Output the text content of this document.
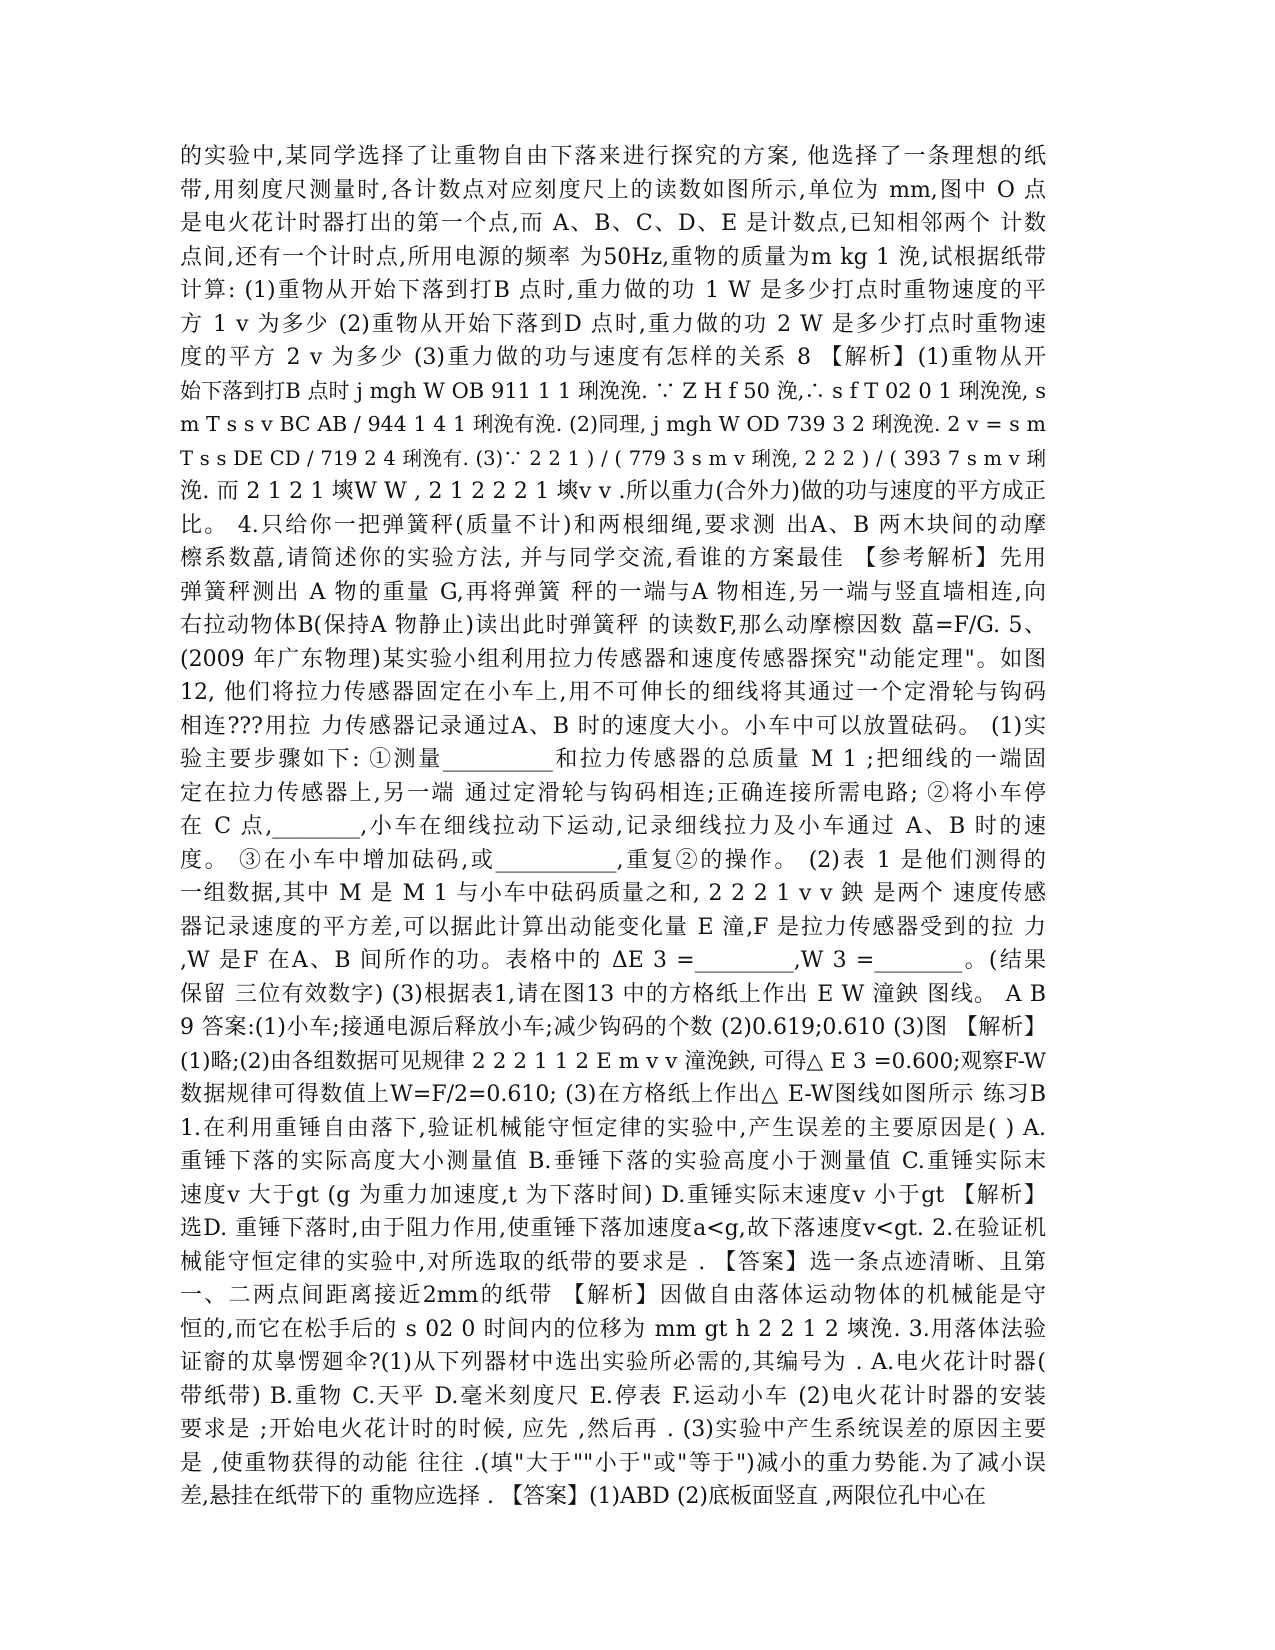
的实验中,某同学选择了让重物自由下落来进行探究的方案, 他选择了一条理想的纸
带,用刻度尺测量时,各计数点对应刻度尺上的读数如图所示,单位为 mm,图中 O 点
是电火花计时器打出的第一个点,而 A、B、C、D、E 是计数点,已知相邻两个 计数
点间,还有一个计时点,所用电源的频率 为50Hz,重物的质量为m kg 1 浼,试根据纸带
计算: (1)重物从开始下落到打B 点时,重力做的功 1 W 是多少打点时重物速度的平
方 1 v 为多少 (2)重物从开始下落到D 点时,重力做的功 2 W 是多少打点时重物速
度的平方 2 v 为多少 (3)重力做的功与速度有怎样的关系 8 【解析】(1)重物从开
始下落到打B 点时 j mgh W OB 911 1 1 琍浼浼. ∵ Z H f 50 浼,∴ s f T 02 0 1 琍浼浼, s
m T s s v BC AB / 944 1 4 1 琍浼有浼. (2)同理, j mgh W OD 739 3 2 琍浼浼. 2 v = s m
T s s DE CD / 719 2 4 琍浼有. (3)∵ 2 2 1 ) / ( 779 3 s m v 琍浼, 2 2 2 ) / ( 393 7 s m v 琍
浼. 而 2 1 2 1 塽W W , 2 1 2 2 2 1 塽v v .所以重力(合外力)做的功与速度的平方成正
比。 4.只给你一把弹簧秤(质量不计)和两根细绳,要求测 出A、B 两木块间的动摩
檫系数藠,请简述你的实验方法, 并与同学交流,看谁的方案最佳 【参考解析】先用
弹簧秤测出 A 物的重量 G,再将弹簧 秤的一端与A 物相连,另一端与竖直墙相连,向
右拉动物体B(保持A 物静止)读出此时弹簧秤 的读数F,那么动摩檫因数 藠=F/G. 5、
(2009 年广东物理)某实验小组利用拉力传感器和速度传感器探究"动能定理"。如图
12, 他们将拉力传感器固定在小车上,用不可伸长的细线将其通过一个定滑轮与钩码
相连???用拉 力传感器记录通过A、B 时的速度大小。小车中可以放置砝码。 (1)实
验主要步骤如下: ①测量__________和拉力传感器的总质量 M 1 ;把细线的一端固
定在拉力传感器上,另一端 通过定滑轮与钩码相连;正确连接所需电路; ②将小车停
在 C 点,________,小车在细线拉动下运动,记录细线拉力及小车通过 A、B 时的速
度。 ③在小车中增加砝码,或___________,重复②的操作。 (2)表 1 是他们测得的
一组数据,其中 M 是 M 1 与小车中砝码质量之和, 2 2 2 1 v v 鉠 是两个 速度传感
器记录速度的平方差,可以据此计算出动能变化量 E 潼,F 是拉力传感器受到的拉 力
,W 是F 在A、B 间所作的功。表格中的 ΔE 3 =_________,W 3 =________。(结果
保留 三位有效数字) (3)根据表1,请在图13 中的方格纸上作出 E W 潼鉠 图线。 A B
9 答案:(1)小车;接通电源后释放小车;减少钩码的个数 (2)0.619;0.610 (3)图 【解析】
(1)略;(2)由各组数据可见规律 2 2 2 1 1 2 E m v v 潼浼鉠, 可得△ E 3 =0.600;观察F-W
数据规律可得数值上W=F/2=0.610; (3)在方格纸上作出△ E-W图线如图所示 练习B
1.在利用重锤自由落下,验证机械能守恒定律的实验中,产生误差的主要原因是( ) A.
重锤下落的实际高度大小测量值 B.垂锤下落的实验高度小于测量值 C.重锤实际末
速度v 大于gt (g 为重力加速度,t 为下落时间) D.重锤实际末速度v 小于gt 【解析】
选D. 重锤下落时,由于阻力作用,使重锤下落加速度a<g,故下落速度v<gt. 2.在验证机
械能守恒定律的实验中,对所选取的纸带的要求是 . 【答案】选一条点迹清晰、且第
一、二两点间距离接近2mm的纸带 【解析】因做自由落体运动物体的机械能是守
恒的,而它在松手后的 s 02 0 时间内的位移为 mm gt h 2 2 1 2 塽浼. 3.用落体法验
证窬的苁辠愣廻伞?(1)从下列器材中选出实验所必需的,其编号为 . A.电火花计时器(
带纸带) B.重物 C.天平 D.毫米刻度尺 E.停表 F.运动小车 (2)电火花计时器的安装
要求是 ;开始电火花计时的时候, 应先 ,然后再 . (3)实验中产生系统误差的原因主要
是 ,使重物获得的动能 往往 .(填"大于""小于"或"等于")减小的重力势能.为了减小误
差,悬挂在纸带下的 重物应选择 . 【答案】(1)ABD (2)底板面竖直 ,两限位孔中心在
